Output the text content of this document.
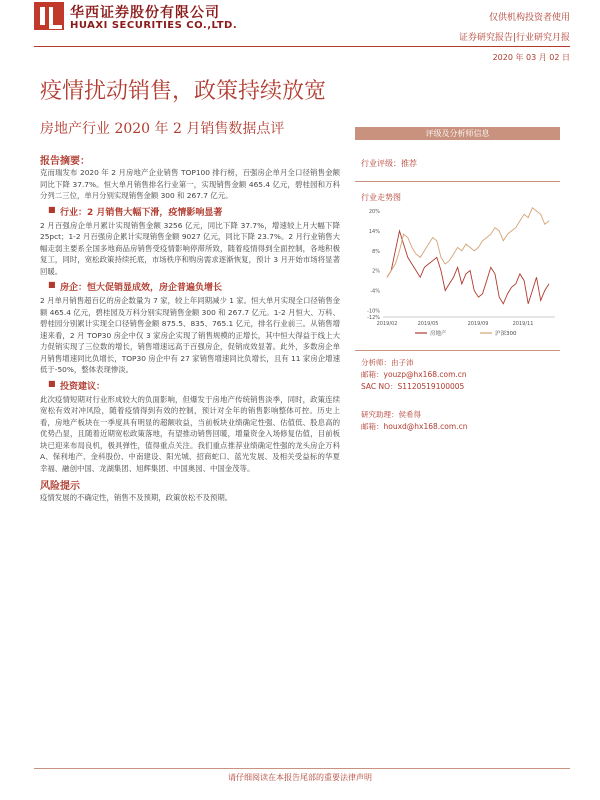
华西证券股份有限公司
HUAXI SECURITIES CO.,LTD.
仅供机构投资者使用
证券研究报告|行业研究月报
2020 年 03 月 02 日
疫情扰动销售，政策持续放宽
房地产行业 2020 年 2 月销售数据点评
报告摘要：
克而瑞发布 2020 年 2 月房地产企业销售 TOP100 排行榜，百强房企单月全口径销售金额同比下降 37.7%。恒大单月销售排名行业第一，实现销售金额 465.4 亿元，碧桂园和万科分列二三位，单月分别实现销售金额 300 和 267.7 亿元。
■ 行业：2 月销售大幅下滑，疫情影响显著
2 月百强房企单月累计实现销售金额 3256 亿元，同比下降 37.7%，增速较上月大幅下降 25pct；1-2 月百强房企累计实现销售金额 9027 亿元，同比下降 23.7%。2 月行业销售大幅走弱主要系全国多地商品房销售受疫情影响停滞所致，随着疫情得到全面控制，各地积极复工，同时，宽松政策持续托底，市场秩序和购房需求逐渐恢复，预计 3 月开始市场将显著回暖。
■ 房企：恒大促销显成效，房企普遍负增长
2 月单月销售超百亿的房企数量为 7 家，较上年同期减少 1 家。恒大单月实现全口径销售金额 465.4 亿元，碧桂园及万科分别实现销售金额 300 和 267.7 亿元。1-2 月恒大、万科、碧桂园分别累计实现全口径销售金额 875.5、835、765.1 亿元，排名行业前三。从销售增速来看，2 月 TOP30 房企中仅 3 家房企实现了销售规模的正增长，其中恒大得益于线上大力促销实现了三位数的增长，销售增速远高于百强房企，促销成效显著。此外，多数房企单月销售增速同比负增长，TOP30 房企中有 27 家销售增速同比负增长，且有 11 家房企增速低于-50%，整体表现惨淡。
■ 投资建议：
此次疫情短期对行业形成较大的负面影响，但爆发于房地产传统销售淡季，同时，政策连续宽松有效对冲风险，随着疫情得到有效的控制，预计对全年的销售影响整体可控。历史上看，房地产板块在一季度具有明显的超额收益，当前板块业绩确定性强、估值低、股息高的优势凸显，且随着近期宽松政策落地，有望推动销售回暖，增量资金入场修复估值，目前板块已迎来布局良机，极具弹性，值得重点关注。我们重点推荐业绩确定性强的龙头房企万科 A、保利地产、金科股份、中南建设、阳光城、招商蛇口、蓝光发展、及相关受益标的华夏幸福、融创中国、龙湖集团、旭辉集团、中国奥园、中国金茂等。
风险提示
疫情发展的不确定性，销售不及预期，政策放松不及预期。
评级及分析师信息
行业评级：推荐
行业走势图
20%
14%
8%
2%
-4%
-10%
-12%
2019/02	2019/05	2019/09	2019/11
房地产	沪深300
分析师：由子沛
邮箱：youzp@hx168.com.cn
SAC NO：S1120519100005
研究助理：侯希得
邮箱：houxd@hx168.com.cn
请仔细阅读在本报告尾部的重要法律声明
